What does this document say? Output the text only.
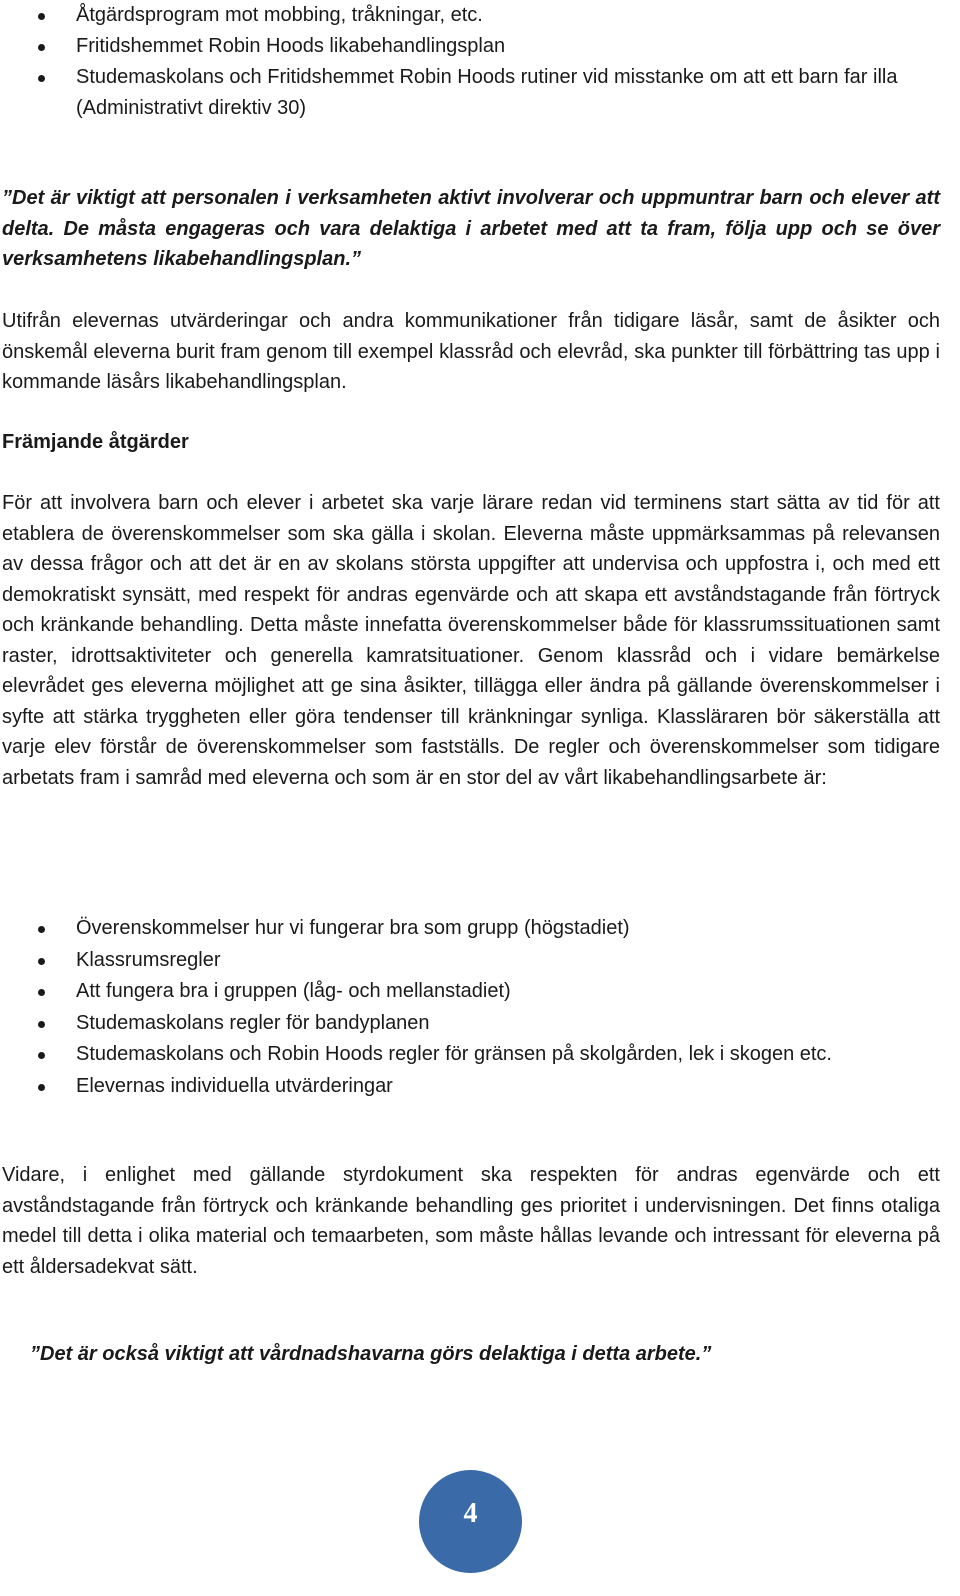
Åtgärdsprogram mot mobbing, tråkningar, etc.
Fritidshemmet Robin Hoods likabehandlingsplan
Studemaskolans och Fritidshemmet Robin Hoods rutiner vid misstanke om att ett barn far illa (Administrativt direktiv 30)

”Det är viktigt att personalen i verksamheten aktivt involverar och uppmuntrar barn och elever att delta. De måsta engageras och vara delaktiga i arbetet med att ta fram, följa upp och se över verksamhetens likabehandlingsplan.”

Utifrån elevernas utvärderingar och andra kommunikationer från tidigare läsår, samt de åsikter och önskemål eleverna burit fram genom till exempel klassråd och elevråd, ska punkter till förbättring tas upp i kommande läsårs likabehandlingsplan.

Främjande åtgärder

För att involvera barn och elever i arbetet ska varje lärare redan vid terminens start sätta av tid för att etablera de överenskommelser som ska gälla i skolan. Eleverna måste uppmärksammas på relevansen av dessa frågor och att det är en av skolans största uppgifter att undervisa och uppfostra i, och med ett demokratiskt synsätt, med respekt för andras egenvärde och att skapa ett avståndstagande från förtryck och kränkande behandling. Detta måste innefatta överenskommelser både för klassrumssituationen samt raster, idrottsaktiviteter och generella kamratsituationer. Genom klassråd och i vidare bemärkelse elevrådet ges eleverna möjlighet att ge sina åsikter, tillägga eller ändra på gällande överenskommelser i syfte att stärka tryggheten eller göra tendenser till kränkningar synliga. Klassläraren bör säkerställa att varje elev förstår de överenskommelser som fastställs. De regler och överenskommelser som tidigare arbetats fram i samråd med eleverna och som är en stor del av vårt likabehandlingsarbete är:

Överenskommelser hur vi fungerar bra som grupp (högstadiet)
Klassrumsregler
Att fungera bra i gruppen (låg- och mellanstadiet)
Studemaskolans regler för bandyplanen
Studemaskolans och Robin Hoods regler för gränsen på skolgården, lek i skogen etc.
Elevernas individuella utvärderingar

Vidare, i enlighet med gällande styrdokument ska respekten för andras egenvärde och ett avståndstagande från förtryck och kränkande behandling ges prioritet i undervisningen. Det finns otaliga medel till detta i olika material och temaarbeten, som måste hållas levande och intressant för eleverna på ett åldersadekvat sätt.

”Det är också viktigt att vårdnadshavarna görs delaktiga i detta arbete.”

4
